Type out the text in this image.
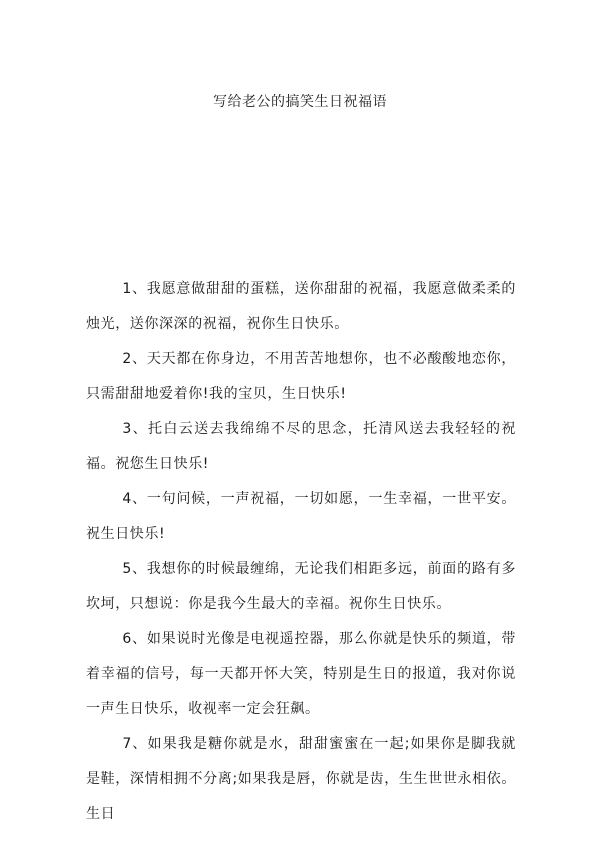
写给老公的搞笑生日祝福语

1、我愿意做甜甜的蛋糕，送你甜甜的祝福，我愿意做柔柔的烛光，送你深深的祝福，祝你生日快乐。

2、天天都在你身边，不用苦苦地想你，也不必酸酸地恋你，只需甜甜地爱着你!我的宝贝，生日快乐!

3、托白云送去我绵绵不尽的思念，托清风送去我轻轻的祝福。祝您生日快乐!

4、一句问候，一声祝福，一切如愿，一生幸福，一世平安。祝生日快乐!

5、我想你的时候最缠绵，无论我们相距多远，前面的路有多坎坷，只想说：你是我今生最大的幸福。祝你生日快乐。

6、如果说时光像是电视遥控器，那么你就是快乐的频道，带着幸福的信号，每一天都开怀大笑，特别是生日的报道，我对你说一声生日快乐，收视率一定会狂飙。

7、如果我是糖你就是水，甜甜蜜蜜在一起;如果你是脚我就是鞋，深情相拥不分离;如果我是唇，你就是齿，生生世世永相依。生日
